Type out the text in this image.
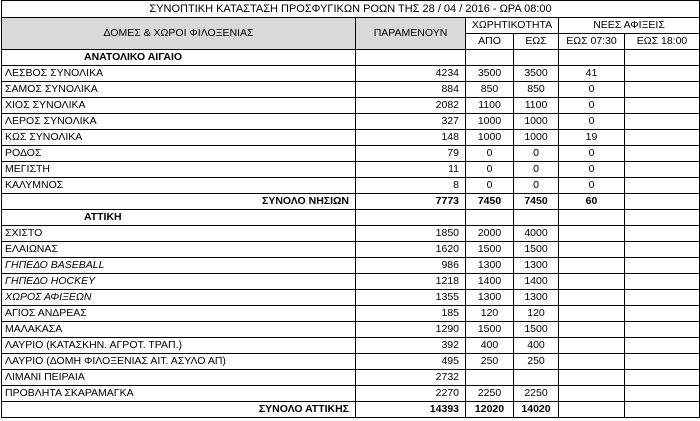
ΣΥΝΟΠΤΙΚΗ ΚΑΤΑΣΤΑΣΗ ΠΡΟΣΦΥΓΙΚΩΝ ΡΟΩΝ ΤΗΣ 28 / 04 / 2016 - ΩΡΑ 08:00					
ΔΟΜΕΣ & ΧΩΡΟΙ ΦΙΛΟΞΕΝΙΑΣ	ΠΑΡΑΜΕΝΟΥΝ	ΧΩΡΗΤΙΚΟΤΗΤΑ		ΝΕΕΣ ΑΦΙΞΕΙΣ	
		ΑΠΟ	ΕΩΣ	ΕΩΣ 07:30	ΕΩΣ 18:00
ΑΝΑΤΟΛΙΚΟ ΑΙΓΑΙΟ					
ΛΕΣΒΟΣ ΣΥΝΟΛΙΚΑ	4234	3500	3500	41	
ΣΑΜΟΣ ΣΥΝΟΛΙΚΑ	884	850	850	0	
ΧΙΟΣ ΣΥΝΟΛΙΚΑ	2082	1100	1100	0	
ΛΕΡΟΣ ΣΥΝΟΛΙΚΑ	327	1000	1000	0	
ΚΩΣ ΣΥΝΟΛΙΚΑ	148	1000	1000	19	
ΡΟΔΟΣ	79	0	0	0	
ΜΕΓΙΣΤΗ	11	0	0	0	
ΚΑΛΥΜΝΟΣ	8	0	0	0	
ΣΥΝΟΛΟ ΝΗΣΙΩΝ	7773	7450	7450	60	
ΑΤΤΙΚΗ					
ΣΧΙΣΤΟ	1850	2000	4000		
ΕΛΑΙΩΝΑΣ	1620	1500	1500		
ΓΗΠΕΔΟ BASEBALL	986	1300	1300		
ΓΗΠΕΔΟ HOCKEY	1218	1400	1400		
ΧΩΡΟΣ ΑΦΙΞΕΩΝ	1355	1300	1300		
ΑΓΙΟΣ ΑΝΔΡΕΑΣ	185	120	120		
ΜΑΛΑΚΑΣΑ	1290	1500	1500		
ΛΑΥΡΙΟ (ΚΑΤΑΣΚΗΝ. ΑΓΡΟΤ. ΤΡΑΠ.)	392	400	400		
ΛΑΥΡΙΟ (ΔΟΜΗ ΦΙΛΟΞΕΝΙΑΣ ΑΙΤ. ΑΣΥΛΟ ΑΠ)	495	250	250		
ΛΙΜΑΝΙ ΠΕΙΡΑΙΑ	2732				
ΠΡΟΒΛΗΤΑ ΣΚΑΡΑΜΑΓΚΑ	2270	2250	2250		
ΣΥΝΟΛΟ ΑΤΤΙΚΗΣ	14393	12020	14020		
